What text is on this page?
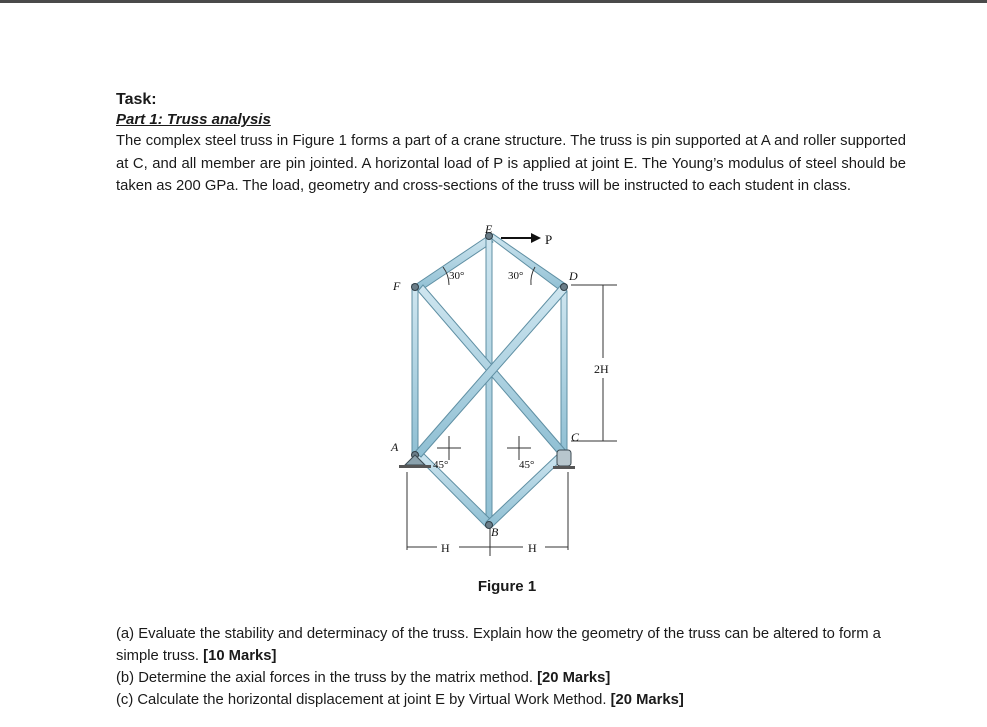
Task:

Part 1: Truss analysis

The complex steel truss in Figure 1 forms a part of a crane structure. The truss is pin supported at A and roller supported at C, and all member are pin jointed. A horizontal load of P is applied at joint E. The Young’s modulus of steel should be taken as 200 GPa. The load, geometry and cross-sections of the truss will be instructed to each student in class.

E
P
F
D
A
C
B
30°	30°
45°	45°
2H
H	H
Figure 1

(a) Evaluate the stability and determinacy of the truss. Explain how the geometry of the truss can be altered to form a simple truss. [10 Marks]

(b) Determine the axial forces in the truss by the matrix method. [20 Marks]

(c) Calculate the horizontal displacement at joint E by Virtual Work Method. [20 Marks]
